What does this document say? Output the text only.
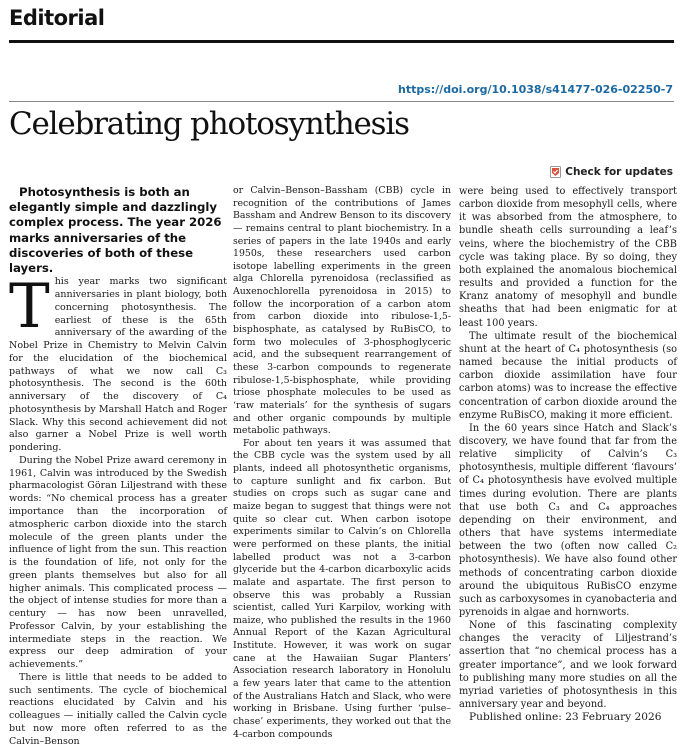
Editorial
https://doi.org/10.1038/s41477-026-02250-7
Celebrating photosynthesis
Check for updates

Photosynthesis is both an elegantly simple and dazzlingly complex process. The year 2026 marks anniversaries of the discoveries of both of these layers.

This year marks two significant anniversaries in plant biology, both concerning photosynthesis. The earliest of these is the 65th anniversary of the awarding of the Nobel Prize in Chemistry to Melvin Calvin for the elucidation of the biochemical pathways of what we now call C₃ photosynthesis. The second is the 60th anniversary of the discovery of C₄ photosynthesis by Marshall Hatch and Roger Slack. Why this second achievement did not also garner a Nobel Prize is well worth pondering.

During the Nobel Prize award ceremony in 1961, Calvin was introduced by the Swedish pharmacologist Göran Liljestrand with these words: “No chemical process has a greater importance than the incorporation of atmospheric carbon dioxide into the starch molecule of the green plants under the influence of light from the sun. This reaction is the foundation of life, not only for the green plants themselves but also for all higher animals. This complicated process — the object of intense studies for more than a century — has now been unravelled, Professor Calvin, by your establishing the intermediate steps in the reaction. We express our deep admiration of your achievements.”

There is little that needs to be added to such sentiments. The cycle of biochemical reactions elucidated by Calvin and his colleagues — initially called the Calvin cycle but now more often referred to as the Calvin–Benson

or Calvin–Benson–Bassham (CBB) cycle in recognition of the contributions of James Bassham and Andrew Benson to its discovery — remains central to plant biochemistry. In a series of papers in the late 1940s and early 1950s, these researchers used carbon isotope labelling experiments in the green alga Chlorella pyrenoidosa (reclassified as Auxenochlorella pyrenoidosa in 2015) to follow the incorporation of a carbon atom from carbon dioxide into ribulose-1,5-bisphosphate, as catalysed by RuBisCO, to form two molecules of 3-phosphoglyceric acid, and the subsequent rearrangement of these 3-carbon compounds to regenerate ribulose-1,5-bisphosphate, while providing triose phosphate molecules to be used as ‘raw materials’ for the synthesis of sugars and other organic compounds by multiple metabolic pathways.

For about ten years it was assumed that the CBB cycle was the system used by all plants, indeed all photosynthetic organisms, to capture sunlight and fix carbon. But studies on crops such as sugar cane and maize began to suggest that things were not quite so clear cut. When carbon isotope experiments similar to Calvin’s on Chlorella were performed on these plants, the initial labelled product was not a 3-carbon glyceride but the 4-carbon dicarboxylic acids malate and aspartate. The first person to observe this was probably a Russian scientist, called Yuri Karpilov, working with maize, who published the results in the 1960 Annual Report of the Kazan Agricultural Institute. However, it was work on sugar cane at the Hawaiian Sugar Planters’ Association research laboratory in Honolulu a few years later that came to the attention of the Australians Hatch and Slack, who were working in Brisbane. Using further ‘pulse–chase’ experiments, they worked out that the 4-carbon compounds

were being used to effectively transport carbon dioxide from mesophyll cells, where it was absorbed from the atmosphere, to bundle sheath cells surrounding a leaf’s veins, where the biochemistry of the CBB cycle was taking place. By so doing, they both explained the anomalous biochemical results and provided a function for the Kranz anatomy of mesophyll and bundle sheaths that had been enigmatic for at least 100 years.

The ultimate result of the biochemical shunt at the heart of C₄ photosynthesis (so named because the initial products of carbon dioxide assimilation have four carbon atoms) was to increase the effective concentration of carbon dioxide around the enzyme RuBisCO, making it more efficient.

In the 60 years since Hatch and Slack’s discovery, we have found that far from the relative simplicity of Calvin’s C₃ photosynthesis, multiple different ‘flavours’ of C₄ photosynthesis have evolved multiple times during evolution. There are plants that use both C₃ and C₄ approaches depending on their environment, and others that have systems intermediate between the two (often now called C₂ photosynthesis). We have also found other methods of concentrating carbon dioxide around the ubiquitous RuBisCO enzyme such as carboxysomes in cyanobacteria and pyrenoids in algae and hornworts.

None of this fascinating complexity changes the veracity of Liljestrand’s assertion that “no chemical process has a greater importance”, and we look forward to publishing many more studies on all the myriad varieties of photosynthesis in this anniversary year and beyond.

Published online: 23 February 2026
